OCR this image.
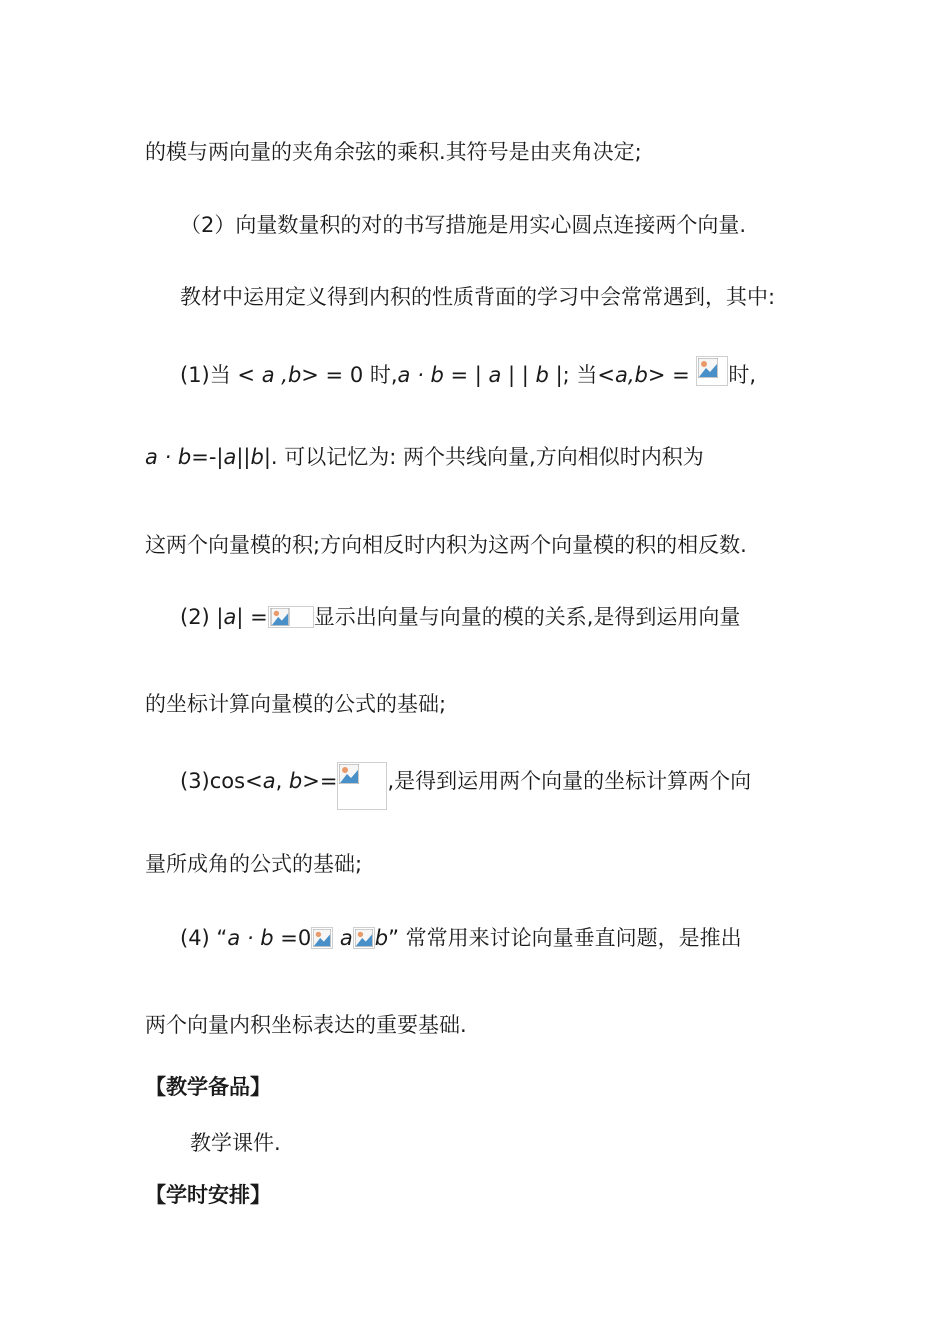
的模与两向量的夹角余弦的乘积.其符号是由夹角决定;
（2）向量数量积的对的书写措施是用实心圆点连接两个向量.
教材中运用定义得到内积的性质背面的学习中会常常遇到，其中:
(1)当 < a ,b> = 0 时,a · b = | a | | b |; 当<a,b> =
时,
a · b=-|a||b|. 可以记忆为: 两个共线向量,方向相似时内积为
这两个向量模的积;方向相反时内积为这两个向量模的积的相反数.
(2) |a| = 显示出向量与向量的模的关系,是得到运用向量
的坐标计算向量模的公式的基础;
(3)cos<a, b>= ,是得到运用两个向量的坐标计算两个向
量所成角的公式的基础;
(4) “a · b =0
a b” 常常用来讨论向量垂直问题，是推出
两个向量内积坐标表达的重要基础.
【教学备品】
教学课件.
【学时安排】
